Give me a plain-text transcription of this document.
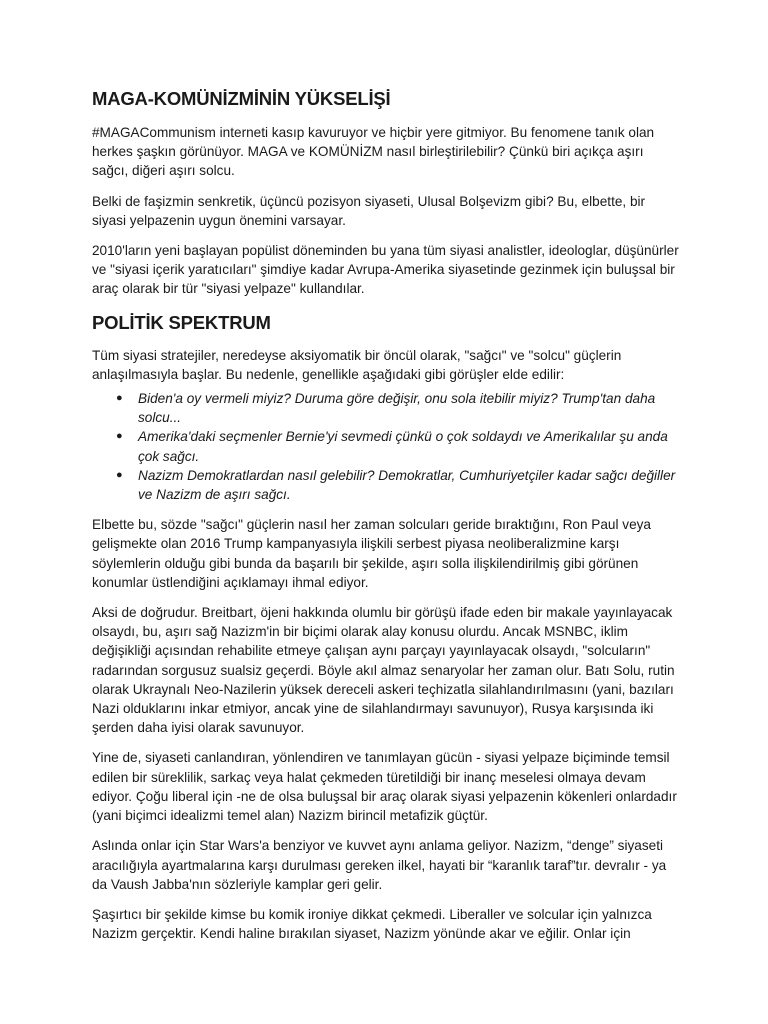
MAGA-KOMÜNİZMİNİN YÜKSELİŞİ

#MAGACommunism interneti kasıp kavuruyor ve hiçbir yere gitmiyor. Bu fenomene tanık olan herkes şaşkın görünüyor. MAGA ve KOMÜNİZM nasıl birleştirilebilir? Çünkü biri açıkça aşırı sağcı, diğeri aşırı solcu.

Belki de faşizmin senkretik, üçüncü pozisyon siyaseti, Ulusal Bolşevizm gibi? Bu, elbette, bir siyasi yelpazenin uygun önemini varsayar.

2010'ların yeni başlayan popülist döneminden bu yana tüm siyasi analistler, ideologlar, düşünürler ve "siyasi içerik yaratıcıları" şimdiye kadar Avrupa-Amerika siyasetinde gezinmek için buluşsal bir araç olarak bir tür "siyasi yelpaze" kullandılar.

POLİTİK SPEKTRUM

Tüm siyasi stratejiler, neredeyse aksiyomatik bir öncül olarak, "sağcı" ve "solcu" güçlerin anlaşılmasıyla başlar. Bu nedenle, genellikle aşağıdaki gibi görüşler elde edilir:

● Biden'a oy vermeli miyiz? Duruma göre değişir, onu sola itebilir miyiz? Trump'tan daha solcu...
● Amerika'daki seçmenler Bernie'yi sevmedi çünkü o çok soldaydı ve Amerikalılar şu anda çok sağcı.
● Nazizm Demokratlardan nasıl gelebilir? Demokratlar, Cumhuriyetçiler kadar sağcı değiller ve Nazizm de aşırı sağcı.

Elbette bu, sözde "sağcı" güçlerin nasıl her zaman solcuları geride bıraktığını, Ron Paul veya gelişmekte olan 2016 Trump kampanyasıyla ilişkili serbest piyasa neoliberalizmine karşı söylemlerin olduğu gibi bunda da başarılı bir şekilde, aşırı solla ilişkilendirilmiş gibi görünen konumlar üstlendiğini açıklamayı ihmal ediyor.

Aksi de doğrudur. Breitbart, öjeni hakkında olumlu bir görüşü ifade eden bir makale yayınlayacak olsaydı, bu, aşırı sağ Nazizm'in bir biçimi olarak alay konusu olurdu. Ancak MSNBC, iklim değişikliği açısından rehabilite etmeye çalışan aynı parçayı yayınlayacak olsaydı, "solcuların" radarından sorgusuz sualsiz geçerdi. Böyle akıl almaz senaryolar her zaman olur. Batı Solu, rutin olarak Ukraynalı Neo-Nazilerin yüksek dereceli askeri teçhizatla silahlandırılmasını (yani, bazıları Nazi olduklarını inkar etmiyor, ancak yine de silahlandırmayı savunuyor), Rusya karşısında iki şerden daha iyisi olarak savunuyor.

Yine de, siyaseti canlandıran, yönlendiren ve tanımlayan gücün - siyasi yelpaze biçiminde temsil edilen bir süreklilik, sarkaç veya halat çekmeden türetildiği bir inanç meselesi olmaya devam ediyor. Çoğu liberal için -ne de olsa buluşsal bir araç olarak siyasi yelpazenin kökenleri onlardadır (yani biçimci idealizmi temel alan) Nazizm birincil metafizik güçtür.

Aslında onlar için Star Wars'a benziyor ve kuvvet aynı anlama geliyor. Nazizm, “denge” siyaseti aracılığıyla ayartmalarına karşı durulması gereken ilkel, hayati bir “karanlık taraf”tır. devralır - ya da Vaush Jabba'nın sözleriyle kamplar geri gelir.

Şaşırtıcı bir şekilde kimse bu komik ironiye dikkat çekmedi. Liberaller ve solcular için yalnızca Nazizm gerçektir. Kendi haline bırakılan siyaset, Nazizm yönünde akar ve eğilir. Onlar için
